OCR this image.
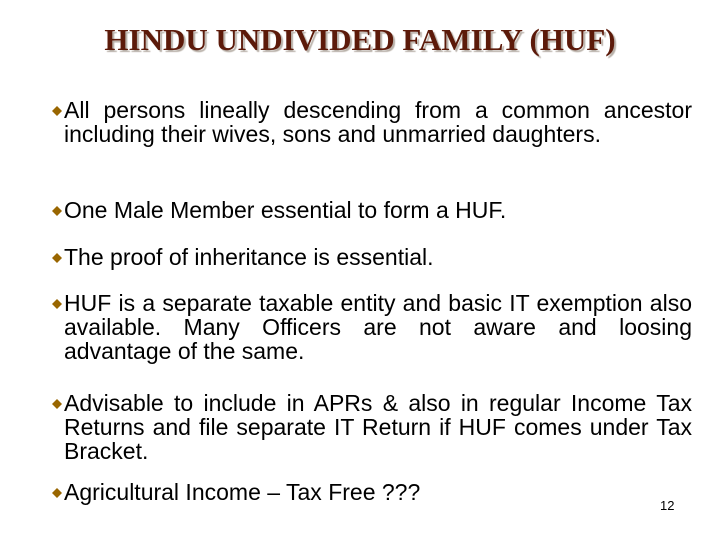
HINDU UNDIVIDED FAMILY (HUF)
All persons lineally descending from a common ancestor including their wives, sons and unmarried daughters.
One Male Member essential to form a HUF.
The proof of inheritance is essential.
HUF is a separate taxable entity and basic IT exemption also available. Many Officers are not aware and loosing advantage of the same.
Advisable to include in APRs & also in regular Income Tax Returns and file separate IT Return if HUF comes under Tax Bracket.
Agricultural Income – Tax Free ???
12
